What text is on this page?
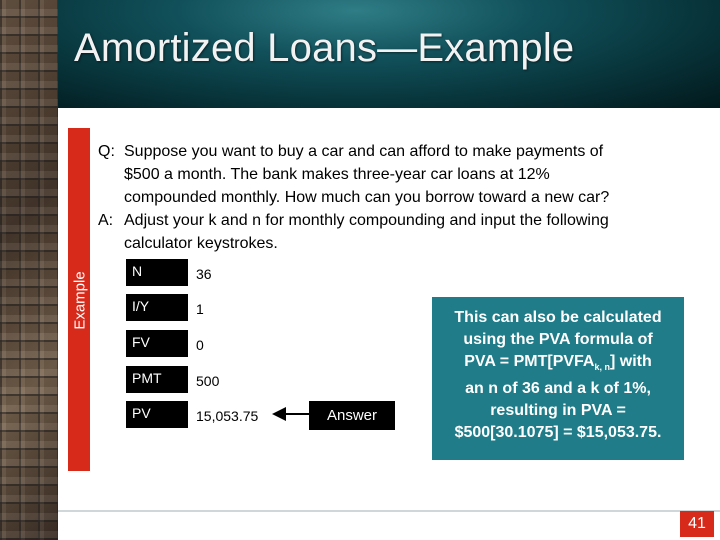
Amortized Loans—Example
Example
Q: Suppose you want to buy a car and can afford to make payments of
$500 a month. The bank makes three-year car loans at 12%
compounded monthly. How much can you borrow toward a new car?
A: Adjust your k and n for monthly compounding and input the following
calculator keystrokes.
N	36
I/Y	1
FV	0
PMT	500
PV	15,053.75	Answer
This can also be calculated
using the PVA formula of
PVA = $PMT[PVFA_{k, n}]$ with
an n of 36 and a k of 1%,
resulting in PVA =
$500[30.1075] = $15,053.75.
41
